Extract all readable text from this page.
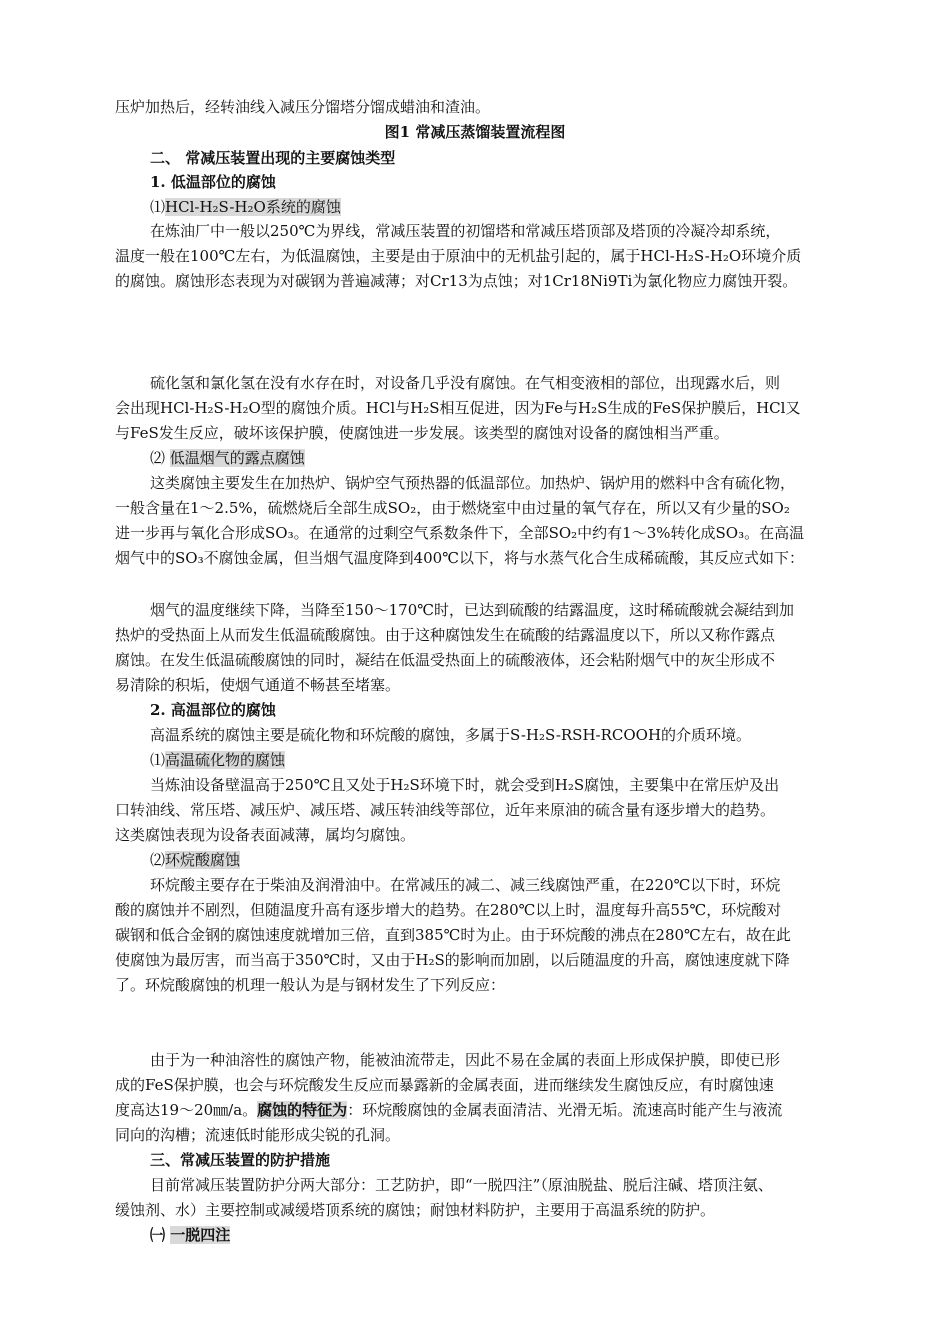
压炉加热后，经转油线入减压分馏塔分馏成蜡油和渣油。
图1 常减压蒸馏装置流程图
二、 常减压装置出现的主要腐蚀类型
1. 低温部位的腐蚀
⑴HCl-H₂S-H₂O系统的腐蚀
在炼油厂中一般以250℃为界线，常减压装置的初馏塔和常减压塔顶部及塔顶的冷凝冷却系统，
温度一般在100℃左右，为低温腐蚀，主要是由于原油中的无机盐引起的，属于HCl-H₂S-H₂O环境介质
的腐蚀。腐蚀形态表现为对碳钢为普遍减薄；对Cr13为点蚀；对1Cr18Ni9Ti为氯化物应力腐蚀开裂。
硫化氢和氯化氢在没有水存在时，对设备几乎没有腐蚀。在气相变液相的部位，出现露水后，则
会出现HCl-H₂S-H₂O型的腐蚀介质。HCl与H₂S相互促进，因为Fe与H₂S生成的FeS保护膜后，HCl又
与FeS发生反应，破坏该保护膜，使腐蚀进一步发展。该类型的腐蚀对设备的腐蚀相当严重。
⑵ 低温烟气的露点腐蚀
这类腐蚀主要发生在加热炉、锅炉空气预热器的低温部位。加热炉、锅炉用的燃料中含有硫化物，
一般含量在1～2.5%，硫燃烧后全部生成SO₂，由于燃烧室中由过量的氧气存在，所以又有少量的SO₂
进一步再与氧化合形成SO₃。在通常的过剩空气系数条件下，全部SO₂中约有1～3%转化成SO₃。在高温
烟气中的SO₃不腐蚀金属，但当烟气温度降到400℃以下，将与水蒸气化合生成稀硫酸，其反应式如下：
烟气的温度继续下降，当降至150～170℃时，已达到硫酸的结露温度，这时稀硫酸就会凝结到加
热炉的受热面上从而发生低温硫酸腐蚀。由于这种腐蚀发生在硫酸的结露温度以下，所以又称作露点
腐蚀。在发生低温硫酸腐蚀的同时，凝结在低温受热面上的硫酸液体，还会粘附烟气中的灰尘形成不
易清除的积垢，使烟气通道不畅甚至堵塞。
2. 高温部位的腐蚀
高温系统的腐蚀主要是硫化物和环烷酸的腐蚀，多属于S-H₂S-RSH-RCOOH的介质环境。
⑴高温硫化物的腐蚀
当炼油设备壁温高于250℃且又处于H₂S环境下时，就会受到H₂S腐蚀，主要集中在常压炉及出
口转油线、常压塔、减压炉、减压塔、减压转油线等部位，近年来原油的硫含量有逐步增大的趋势。
这类腐蚀表现为设备表面减薄，属均匀腐蚀。
⑵环烷酸腐蚀
环烷酸主要存在于柴油及润滑油中。在常减压的减二、减三线腐蚀严重，在220℃以下时，环烷
酸的腐蚀并不剧烈，但随温度升高有逐步增大的趋势。在280℃以上时，温度每升高55℃，环烷酸对
碳钢和低合金钢的腐蚀速度就增加三倍，直到385℃时为止。由于环烷酸的沸点在280℃左右，故在此
使腐蚀为最厉害，而当高于350℃时，又由于H₂S的影响而加剧，以后随温度的升高，腐蚀速度就下降
了。环烷酸腐蚀的机理一般认为是与钢材发生了下列反应：
由于为一种油溶性的腐蚀产物，能被油流带走，因此不易在金属的表面上形成保护膜，即使已形
成的FeS保护膜，也会与环烷酸发生反应而暴露新的金属表面，进而继续发生腐蚀反应，有时腐蚀速
度高达19～20㎜/a。腐蚀的特征为：环烷酸腐蚀的金属表面清洁、光滑无垢。流速高时能产生与液流
同向的沟槽；流速低时能形成尖锐的孔洞。
三、常减压装置的防护措施
目前常减压装置防护分两大部分：工艺防护，即“一脱四注”（原油脱盐、脱后注碱、塔顶注氨、
缓蚀剂、水）主要控制或减缓塔顶系统的腐蚀；耐蚀材料防护，主要用于高温系统的防护。
㈠ 一脱四注
